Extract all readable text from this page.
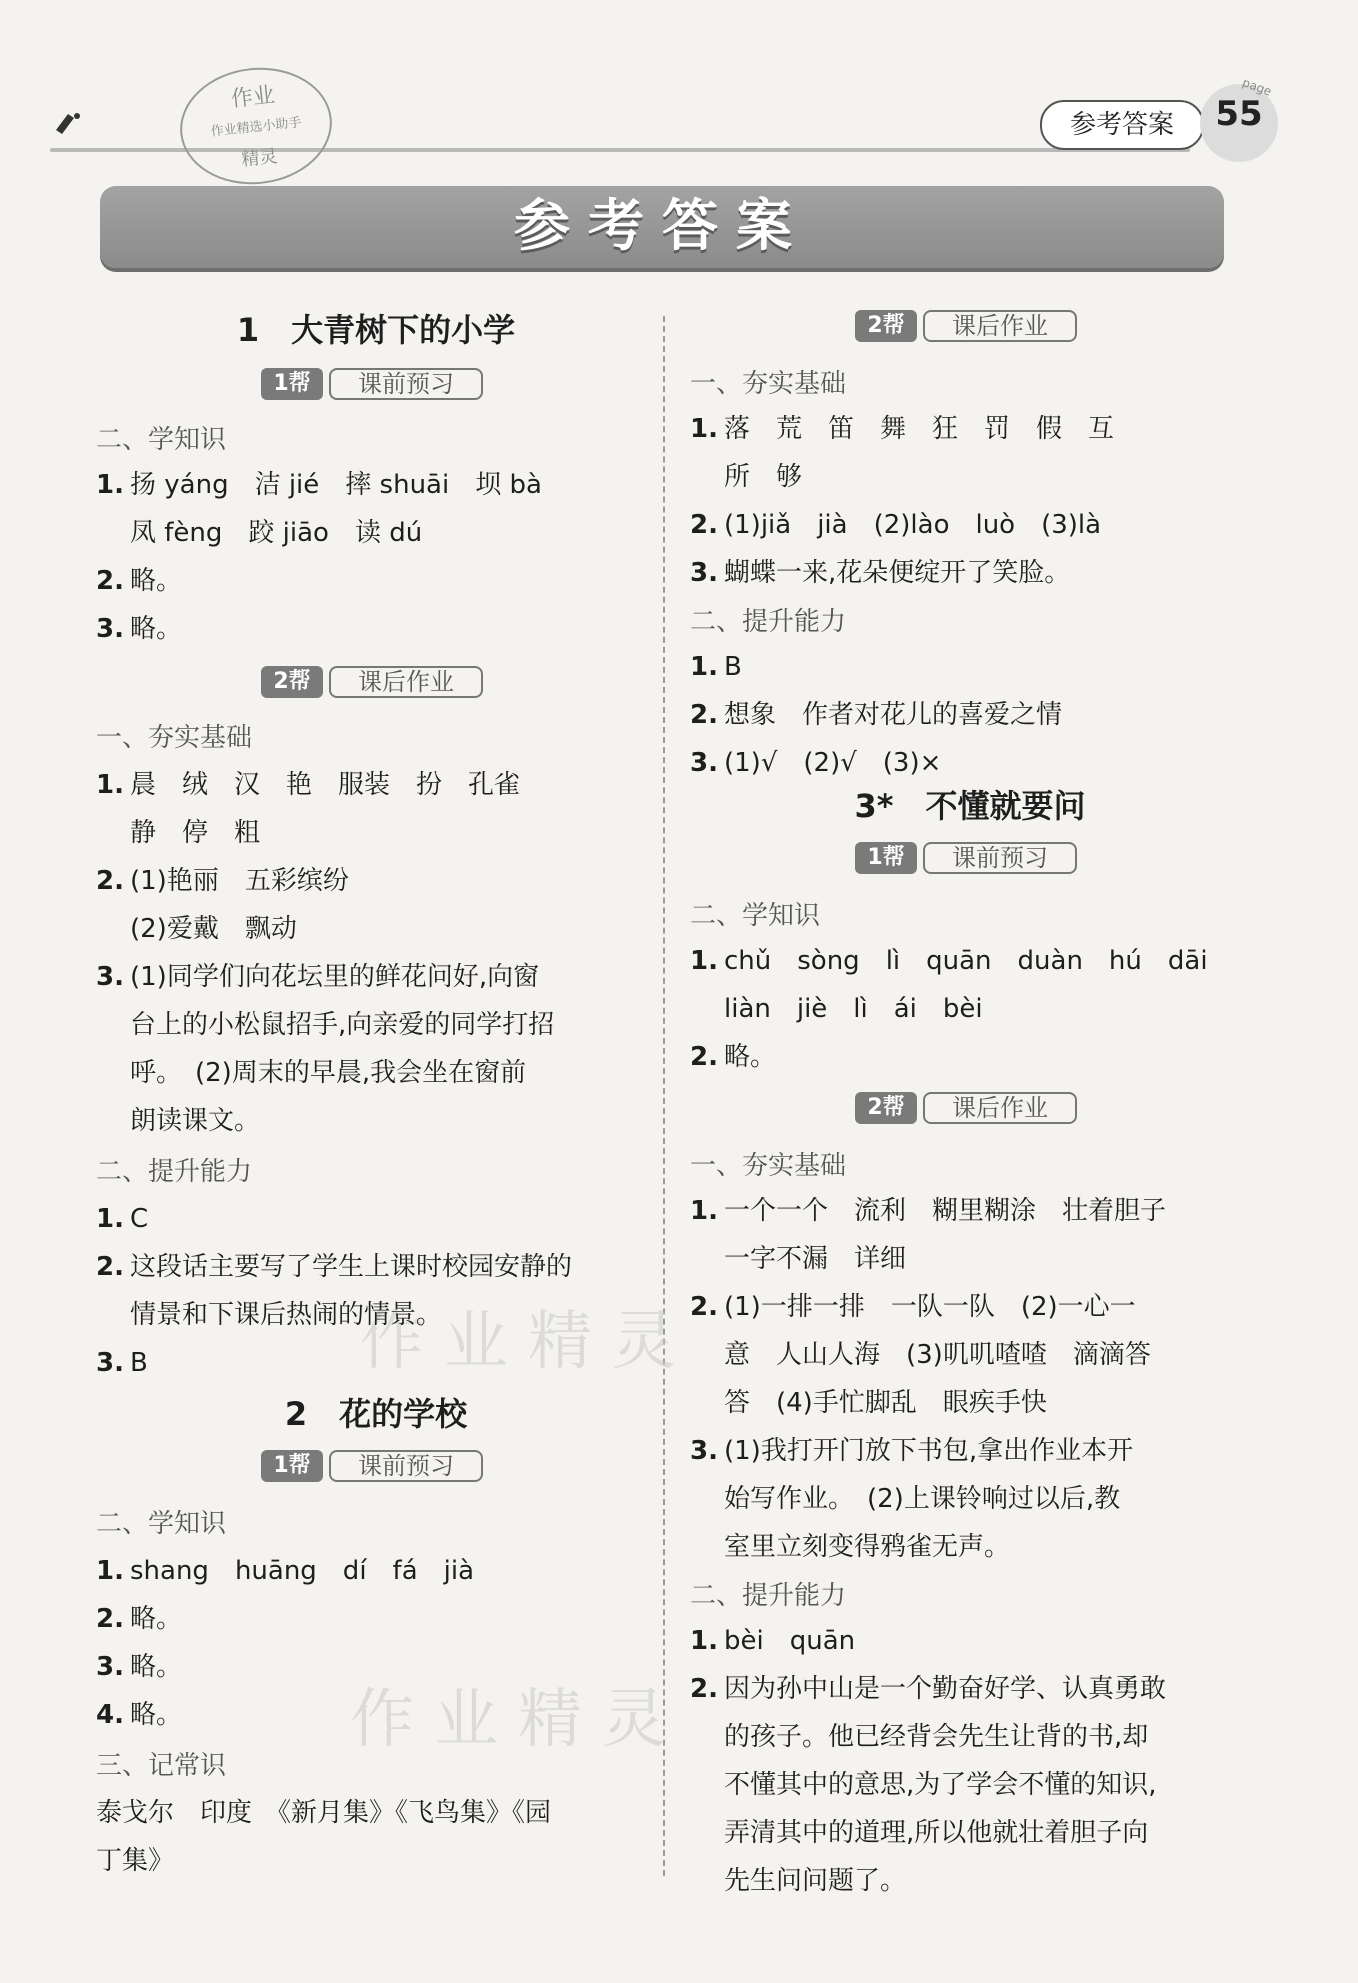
作业
作业精选小助手
精灵
参考答案
page
55
参考答案
作业精灵
作业精灵
1　大青树下的小学
1帮 课前预习
二、学知识
1. 扬 yáng　洁 jié　摔 shuāi　坝 bà
凤 fèng　跤 jiāo　读 dú
2. 略。
3. 略。
2帮 课后作业
一、夯实基础
1. 晨　绒　汉　艳　服装　扮　孔雀
静　停　粗
2. (1)艳丽　五彩缤纷
(2)爱戴　飘动
3. (1)同学们向花坛里的鲜花问好,向窗
台上的小松鼠招手,向亲爱的同学打招
呼。　(2)周末的早晨,我会坐在窗前
朗读课文。
二、提升能力
1. C
2. 这段话主要写了学生上课时校园安静的
情景和下课后热闹的情景。
3. B
2　花的学校
1帮 课前预习
二、学知识
1. shang　huāng　dí　fá　jià
2. 略。
3. 略。
4. 略。
三、记常识
泰戈尔　印度　《新月集》《飞鸟集》《园
丁集》
2帮 课后作业
一、夯实基础
1. 落　荒　笛　舞　狂　罚　假　互
所　够
2. (1)jiǎ　jià　(2)lào　luò　(3)là
3. 蝴蝶一来,花朵便绽开了笑脸。
二、提升能力
1. B
2. 想象　作者对花儿的喜爱之情
3. (1)√　(2)√　(3)×
3*　不懂就要问
1帮 课前预习
二、学知识
1. chǔ　sòng　lì　quān　duàn　hú　dāi
liàn　jiè　lì　ái　bèi
2. 略。
2帮 课后作业
一、夯实基础
1. 一个一个　流利　糊里糊涂　壮着胆子
一字不漏　详细
2. (1)一排一排　一队一队　(2)一心一
意　人山人海　(3)叽叽喳喳　滴滴答
答　(4)手忙脚乱　眼疾手快
3. (1)我打开门放下书包,拿出作业本开
始写作业。　(2)上课铃响过以后,教
室里立刻变得鸦雀无声。
二、提升能力
1. bèi　quān
2. 因为孙中山是一个勤奋好学、认真勇敢
的孩子。他已经背会先生让背的书,却
不懂其中的意思,为了学会不懂的知识,
弄清其中的道理,所以他就壮着胆子向
先生问问题了。
